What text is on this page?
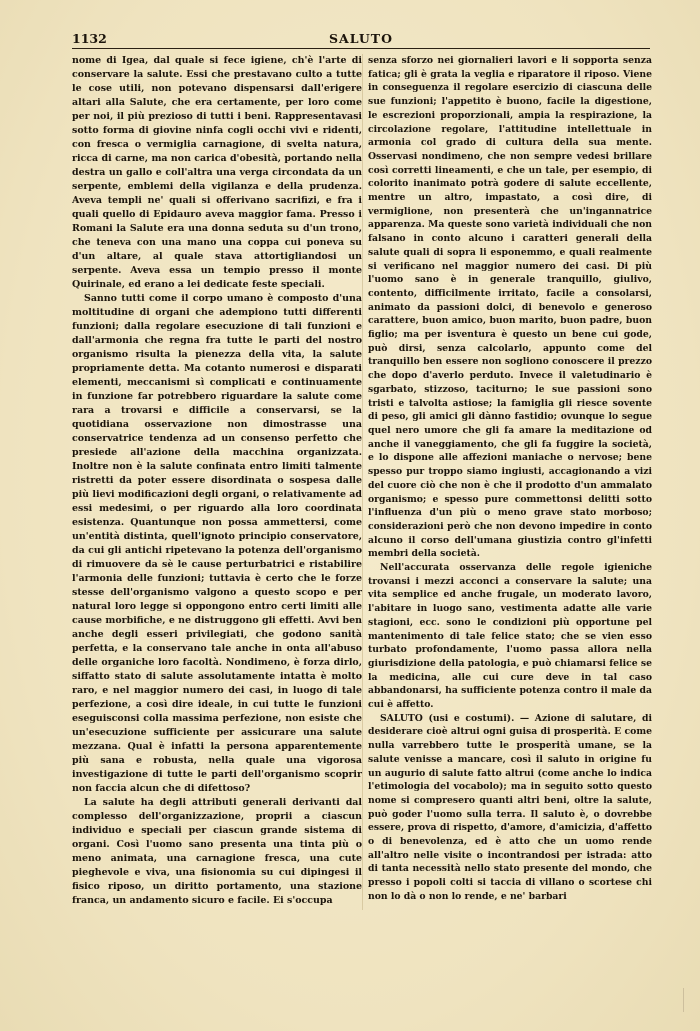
1132	SALUTO

nome di Igea, dal quale si fece igiene, ch'è l'arte di conservare la salute. Essi che prestavano culto a tutte le cose utili, non potevano dispensarsi dall'erigere altari alla Salute, che era certamente, per loro come per noi, il più prezioso di tutti i beni. Rappresentavasi sotto forma di giovine ninfa cogli occhi vivi e ridenti, con fresca o vermiglia carnagione, di svelta natura, ricca di carne, ma non carica d'obesità, portando nella destra un gallo e coll'altra una verga circondata da un serpente, emblemi della vigilanza e della prudenza. Aveva templi ne' quali si offerivano sacrifizi, e fra i quali quello di Epidauro aveva maggior fama. Presso i Romani la Salute era una donna seduta su d'un trono, che teneva con una mano una coppa cui poneva su d'un altare, al quale stava attortigliandosi un serpente. Aveva essa un tempio presso il monte Quirinale, ed erano a lei dedicate feste speciali.

Sanno tutti come il corpo umano è composto d'una moltitudine di organi che adempiono tutti differenti funzioni; dalla regolare esecuzione di tali funzioni e dall'armonia che regna fra tutte le parti del nostro organismo risulta la pienezza della vita, la salute propriamente detta. Ma cotanto numerosi e disparati elementi, meccanismi sì complicati e continuamente in funzione far potrebbero riguardare la salute come rara a trovarsi e difficile a conservarsi, se la quotidiana osservazione non dimostrasse una conservatrice tendenza ad un consenso perfetto che presiede all'azione della macchina organizzata. Inoltre non è la salute confinata entro limiti talmente ristretti da poter essere disordinata o sospesa dalle più lievi modificazioni degli organi, o relativamente ad essi medesimi, o per riguardo alla loro coordinata esistenza. Quantunque non possa ammettersi, come un'entità distinta, quell'ignoto principio conservatore, da cui gli antichi ripetevano la potenza dell'organismo di rimuovere da sè le cause perturbatrici e ristabilire l'armonia delle funzioni; tuttavia è certo che le forze stesse dell'organismo valgono a questo scopo e per natural loro legge si oppongono entro certi limiti alle cause morbifiche, e ne distruggono gli effetti. Avvi ben anche degli esseri privilegiati, che godono sanità perfetta, e la conservano tale anche in onta all'abuso delle organiche loro facoltà. Nondimeno, è forza dirlo, siffatto stato di salute assolutamente intatta è molto raro, e nel maggior numero dei casi, in luogo di tale perfezione, a così dire ideale, in cui tutte le funzioni eseguisconsi colla massima perfezione, non esiste che un'esecuzione sufficiente per assicurare una salute mezzana. Qual è infatti la persona apparentemente più sana e robusta, nella quale una vigorosa investigazione di tutte le parti dell'organismo scoprir non faccia alcun che di difettoso?

La salute ha degli attributi generali derivanti dal complesso dell'organizzazione, proprii a ciascun individuo e speciali per ciascun grande sistema di organi. Così l'uomo sano presenta una tinta più o meno animata, una carnagione fresca, una cute pieghevole e viva, una fisionomia su cui dipingesi il fisico riposo, un diritto portamento, una stazione franca, un andamento sicuro e facile. Ei s'occupa

senza sforzo nei giornalieri lavori e li sopporta senza fatica; gli è grata la veglia e riparatore il riposo. Viene in conseguenza il regolare esercizio di ciascuna delle sue funzioni; l'appetito è buono, facile la digestione, le escrezioni proporzionali, ampia la respirazione, la circolazione regolare, l'attitudine intellettuale in armonia col grado di cultura della sua mente. Osservasi nondimeno, che non sempre vedesi brillare così corretti lineamenti, e che un tale, per esempio, di colorito inanimato potrà godere di salute eccellente, mentre un altro, impastato, a così dire, di vermiglione, non presenterà che un'ingannatrice apparenza. Ma queste sono varietà individuali che non falsano in conto alcuno i caratteri generali della salute quali di sopra li esponemmo, e quali realmente si verificano nel maggior numero dei casi. Di più l'uomo sano è in generale tranquillo, giulivo, contento, difficilmente irritato, facile a consolarsi, animato da passioni dolci, di benevolo e generoso carattere, buon amico, buon marito, buon padre, buon figlio; ma per isventura è questo un bene cui gode, può dirsi, senza calcolarlo, appunto come del tranquillo ben essere non sogliono conoscere il prezzo che dopo d'averlo perduto. Invece il valetudinario è sgarbato, stizzoso, taciturno; le sue passioni sono tristi e talvolta astiose; la famiglia gli riesce sovente di peso, gli amici gli dànno fastidio; ovunque lo segue quel nero umore che gli fa amare la meditazione od anche il vaneggiamento, che gli fa fuggire la società, e lo dispone alle affezioni maniache o nervose; bene spesso pur troppo siamo ingiusti, accagionando a vizi del cuore ciò che non è che il prodotto d'un ammalato organismo; e spesso pure commettonsi delitti sotto l'influenza d'un più o meno grave stato morboso; considerazioni però che non devono impedire in conto alcuno il corso dell'umana giustizia contro gl'infetti membri della società.

Nell'accurata osservanza delle regole igieniche trovansi i mezzi acconci a conservare la salute; una vita semplice ed anche frugale, un moderato lavoro, l'abitare in luogo sano, vestimenta adatte alle varie stagioni, ecc. sono le condizioni più opportune pel mantenimento di tale felice stato; che se vien esso turbato profondamente, l'uomo passa allora nella giurisdizione della patologia, e può chiamarsi felice se la medicina, alle cui cure deve in tal caso abbandonarsi, ha sufficiente potenza contro il male da cui è affetto.

SALUTO (usi e costumi). — Azione di salutare, di desiderare cioè altrui ogni guisa di prosperità. E come nulla varrebbero tutte le prosperità umane, se la salute venisse a mancare, così il saluto in origine fu un augurio di salute fatto altrui (come anche lo indica l'etimologia del vocabolo); ma in seguito sotto questo nome si compresero quanti altri beni, oltre la salute, può goder l'uomo sulla terra. Il saluto è, o dovrebbe essere, prova di rispetto, d'amore, d'amicizia, d'affetto o di benevolenza, ed è atto che un uomo rende all'altro nelle visite o incontrandosi per istrada: atto di tanta necessità nello stato presente del mondo, che presso i popoli colti si taccia di villano o scortese chi non lo dà o non lo rende, e ne' barbari
